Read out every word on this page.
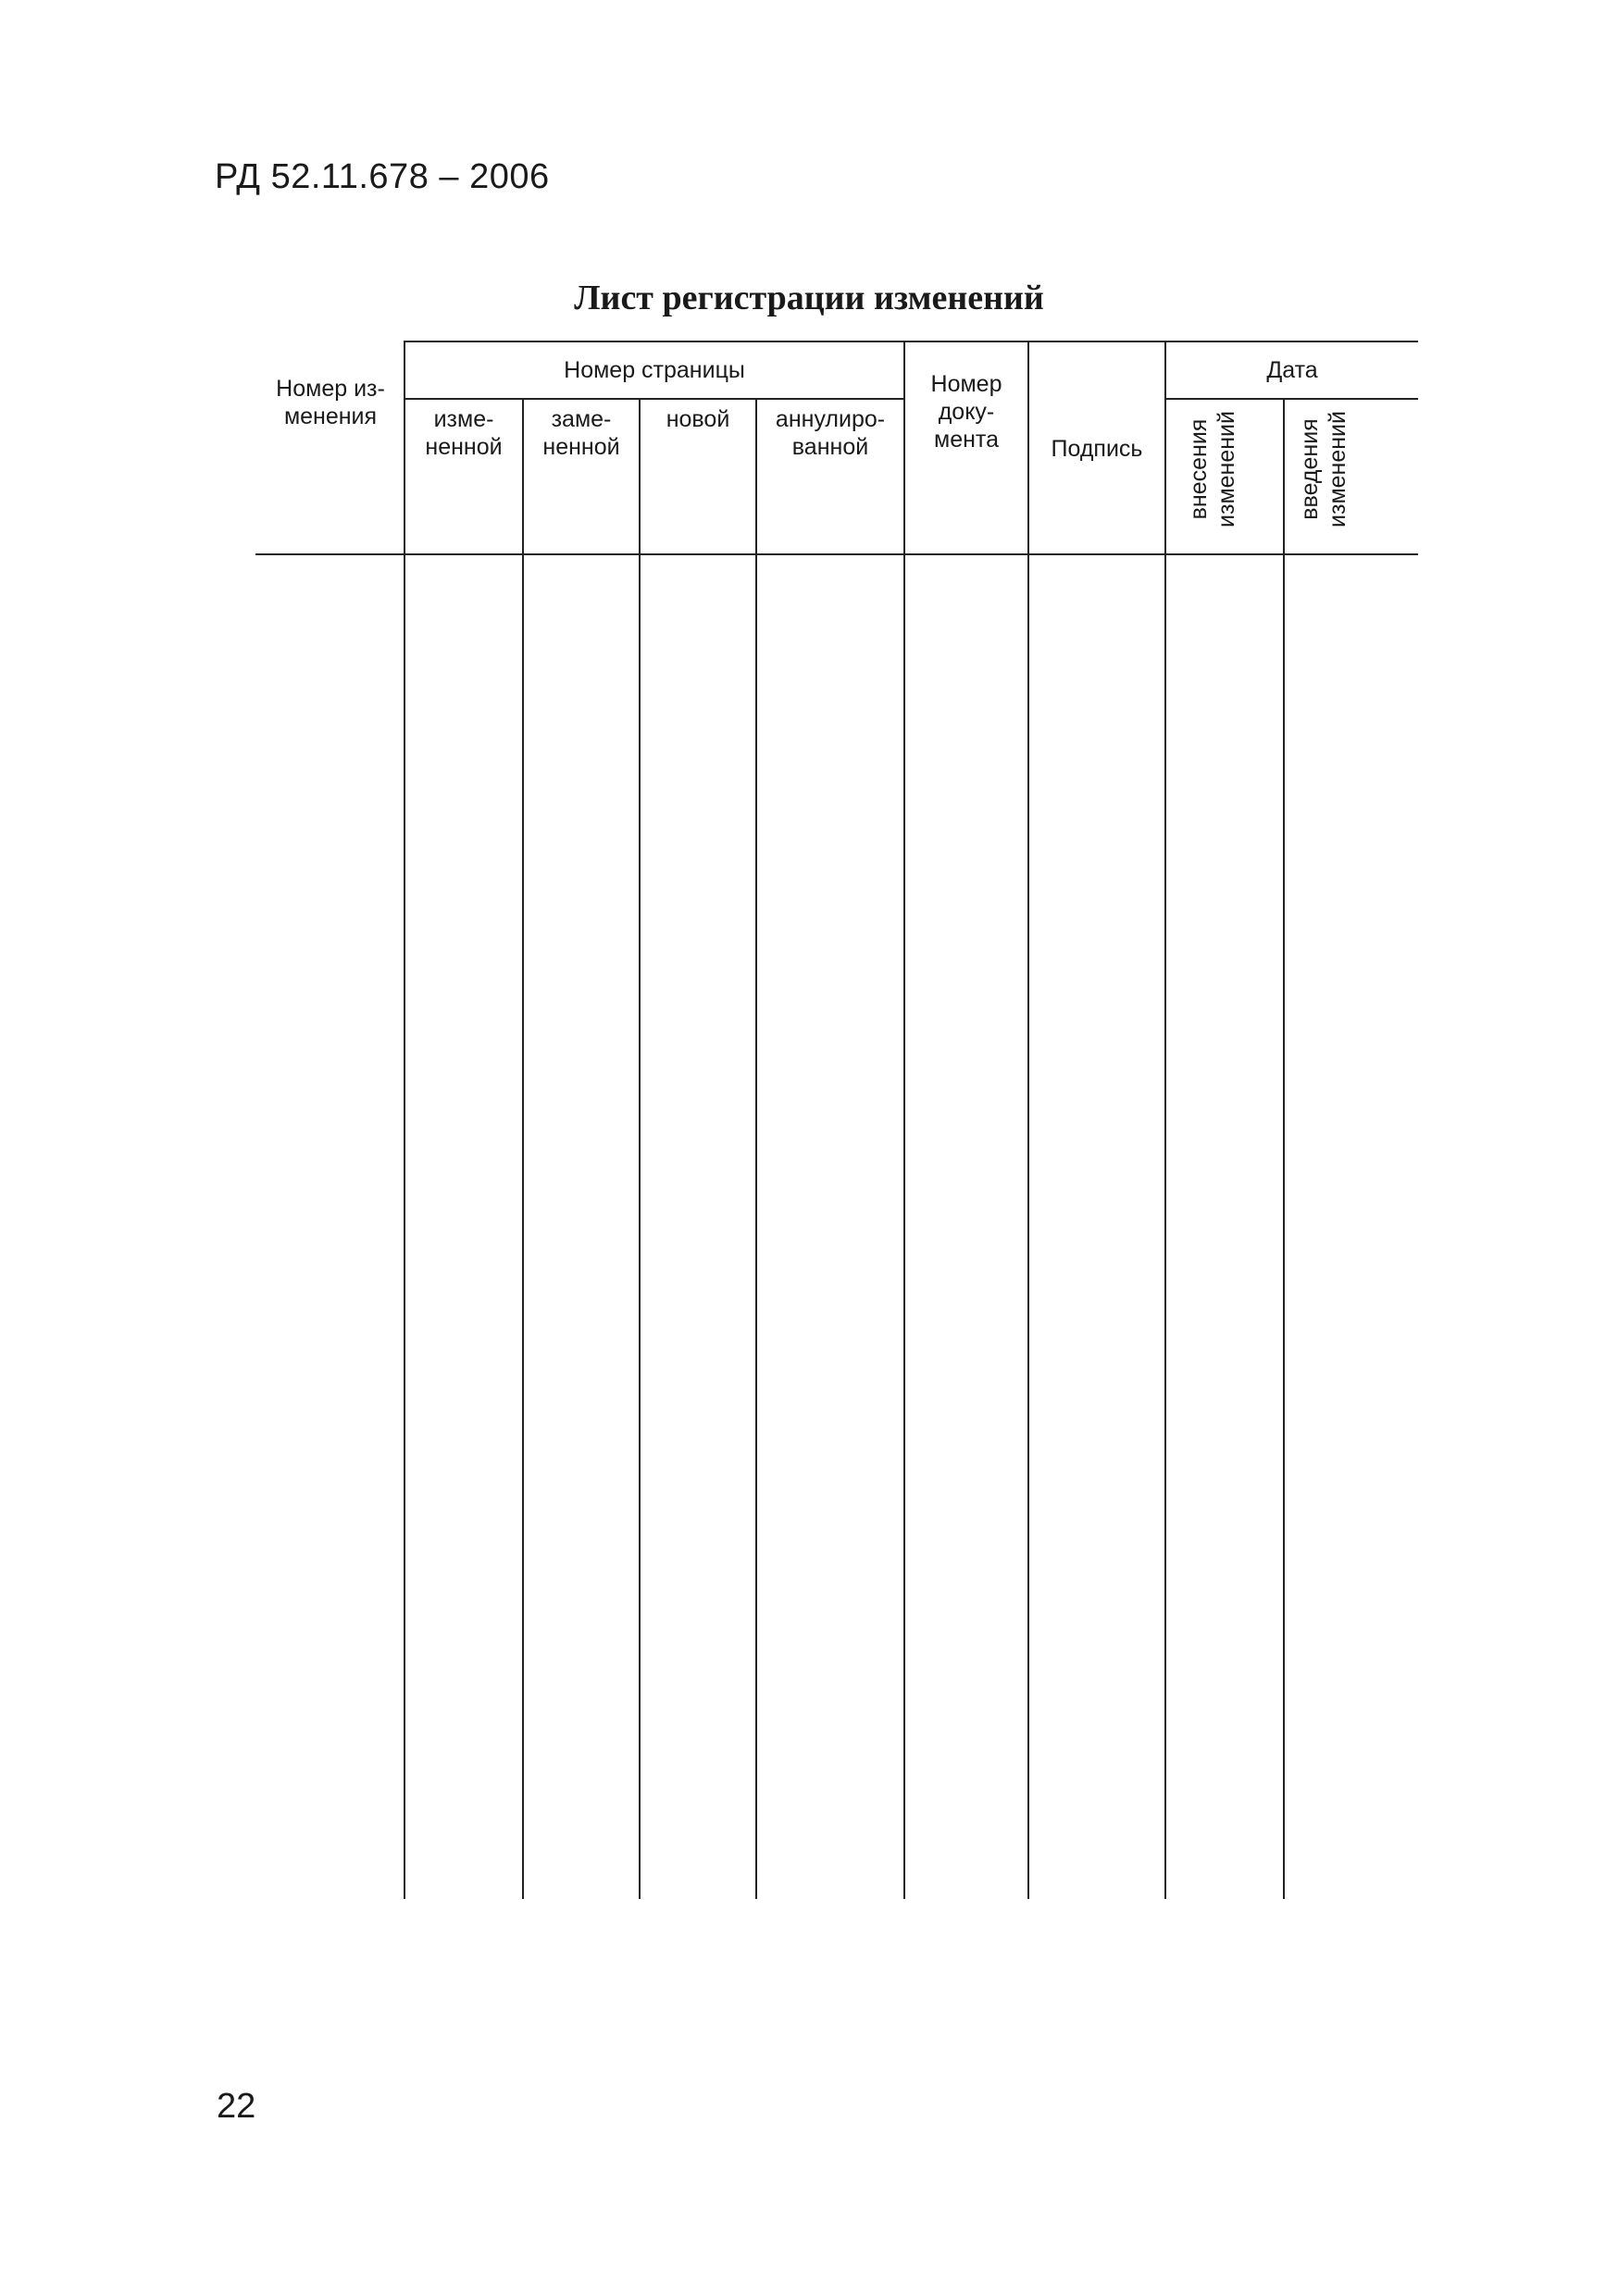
РД 52.11.678 – 2006
Лист регистрации изменений
Номер из-
менения
Номер страницы
изме-
ненной
заме-
ненной
новой	аннулиро-
ванной
Номер
доку-
мента	Подпись
Дата
внесения
изменений введения
изменений
22
